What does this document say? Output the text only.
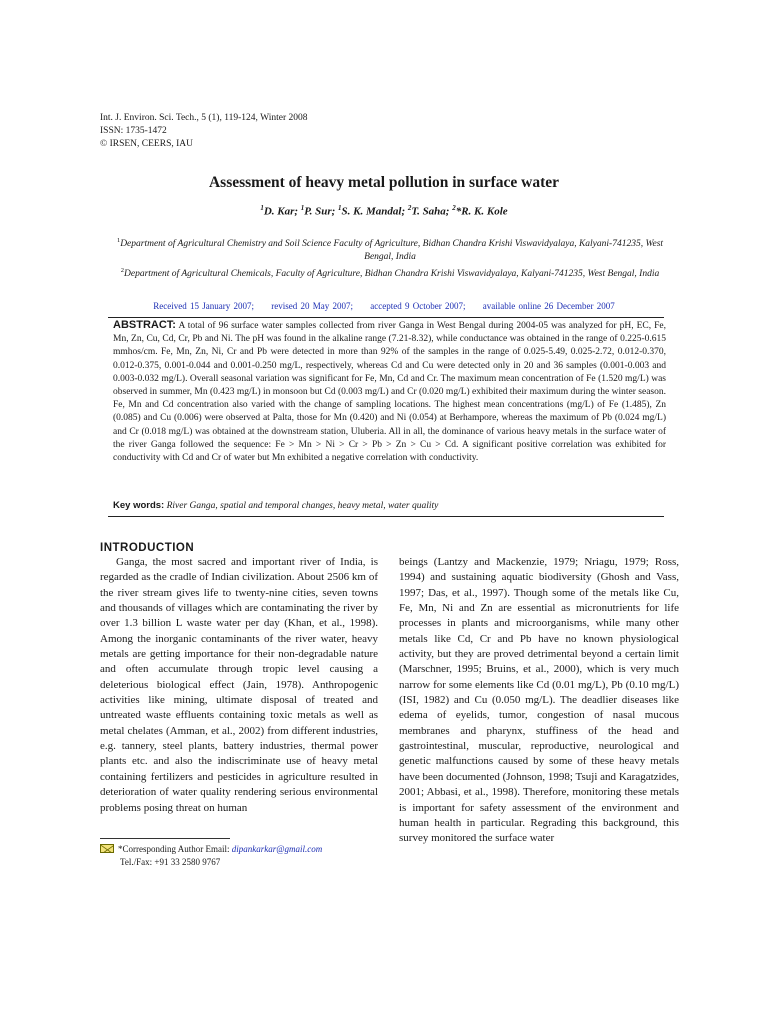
Int. J. Environ. Sci. Tech., 5 (1), 119-124, Winter 2008
ISSN: 1735-1472
© IRSEN, CEERS, IAU
Assessment of heavy metal pollution in surface water
$^1$D. Kar; $^1$P. Sur; $^1$S. K. Mandal; $^2$T. Saha; $^2$*R. K. Kole
$^1$Department of Agricultural Chemistry and Soil Science Faculty of Agriculture, Bidhan Chandra Krishi Viswavidyalaya, Kalyani-741235, West Bengal, India
$^2$Department of Agricultural Chemicals, Faculty of Agriculture, Bidhan Chandra Krishi Viswavidyalaya, Kalyani-741235, West Bengal, India
Received 15 January 2007; revised 20 May 2007; accepted 9 October 2007; available online 26 December 2007
ABSTRACT: A total of 96 surface water samples collected from river Ganga in West Bengal during 2004-05 was analyzed for pH, EC, Fe, Mn, Zn, Cu, Cd, Cr, Pb and Ni. The pH was found in the alkaline range (7.21-8.32), while conductance was obtained in the range of 0.225-0.615 mmhos/cm. Fe, Mn, Zn, Ni, Cr and Pb were detected in more than 92% of the samples in the range of 0.025-5.49, 0.025-2.72, 0.012-0.370, 0.012-0.375, 0.001-0.044 and 0.001-0.250 mg/L, respectively, whereas Cd and Cu were detected only in 20 and 36 samples (0.001-0.003 and 0.003-0.032 mg/L). Overall seasonal variation was significant for Fe, Mn, Cd and Cr. The maximum mean concentration of Fe (1.520 mg/L) was observed in summer, Mn (0.423 mg/L) in monsoon but Cd (0.003 mg/L) and Cr (0.020 mg/L) exhibited their maximum during the winter season. Fe, Mn and Cd concentration also varied with the change of sampling locations. The highest mean concentrations (mg/L) of Fe (1.485), Zn (0.085) and Cu (0.006) were observed at Palta, those for Mn (0.420) and Ni (0.054) at Berhampore, whereas the maximum of Pb (0.024 mg/L) and Cr (0.018 mg/L) was obtained at the downstream station, Uluberia. All in all, the dominance of various heavy metals in the surface water of the river Ganga followed the sequence: Fe > Mn > Ni > Cr > Pb > Zn > Cu > Cd. A significant positive correlation was exhibited for conductivity with Cd and Cr of water but Mn exhibited a negative correlation with conductivity.
Key words: River Ganga, spatial and temporal changes, heavy metal, water quality
INTRODUCTION
Ganga, the most sacred and important river of India, is regarded as the cradle of Indian civilization. About 2506 km of the river stream gives life to twenty-nine cities, seven towns and thousands of villages which are contaminating the river by over 1.3 billion L waste water per day (Khan, et al., 1998). Among the inorganic contaminants of the river water, heavy metals are getting importance for their non-degradable nature and often accumulate through tropic level causing a deleterious biological effect (Jain, 1978). Anthropogenic activities like mining, ultimate disposal of treated and untreated waste effluents containing toxic metals as well as metal chelates (Amman, et al., 2002) from different industries, e.g. tannery, steel plants, battery industries, thermal power plants etc. and also the indiscriminate use of heavy metal containing fertilizers and pesticides in agriculture resulted in deterioration of water quality rendering serious environmental problems posing threat on human
beings (Lantzy and Mackenzie, 1979; Nriagu, 1979; Ross, 1994) and sustaining aquatic biodiversity (Ghosh and Vass, 1997; Das, et al., 1997). Though some of the metals like Cu, Fe, Mn, Ni and Zn are essential as micronutrients for life processes in plants and microorganisms, while many other metals like Cd, Cr and Pb have no known physiological activity, but they are proved detrimental beyond a certain limit (Marschner, 1995; Bruins, et al., 2000), which is very much narrow for some elements like Cd (0.01 mg/L), Pb (0.10 mg/L) (ISI, 1982) and Cu (0.050 mg/L). The deadlier diseases like edema of eyelids, tumor, congestion of nasal mucous membranes and pharynx, stuffiness of the head and gastrointestinal, muscular, reproductive, neurological and genetic malfunctions caused by some of these heavy metals have been documented (Johnson, 1998; Tsuji and Karagatzides, 2001; Abbasi, et al., 1998). Therefore, monitoring these metals is important for safety assessment of the environment and human health in particular. Regrading this background, this survey monitored the surface water
*Corresponding Author Email: dipankarkar@gmail.com
Tel./Fax: +91 33 2580 9767
